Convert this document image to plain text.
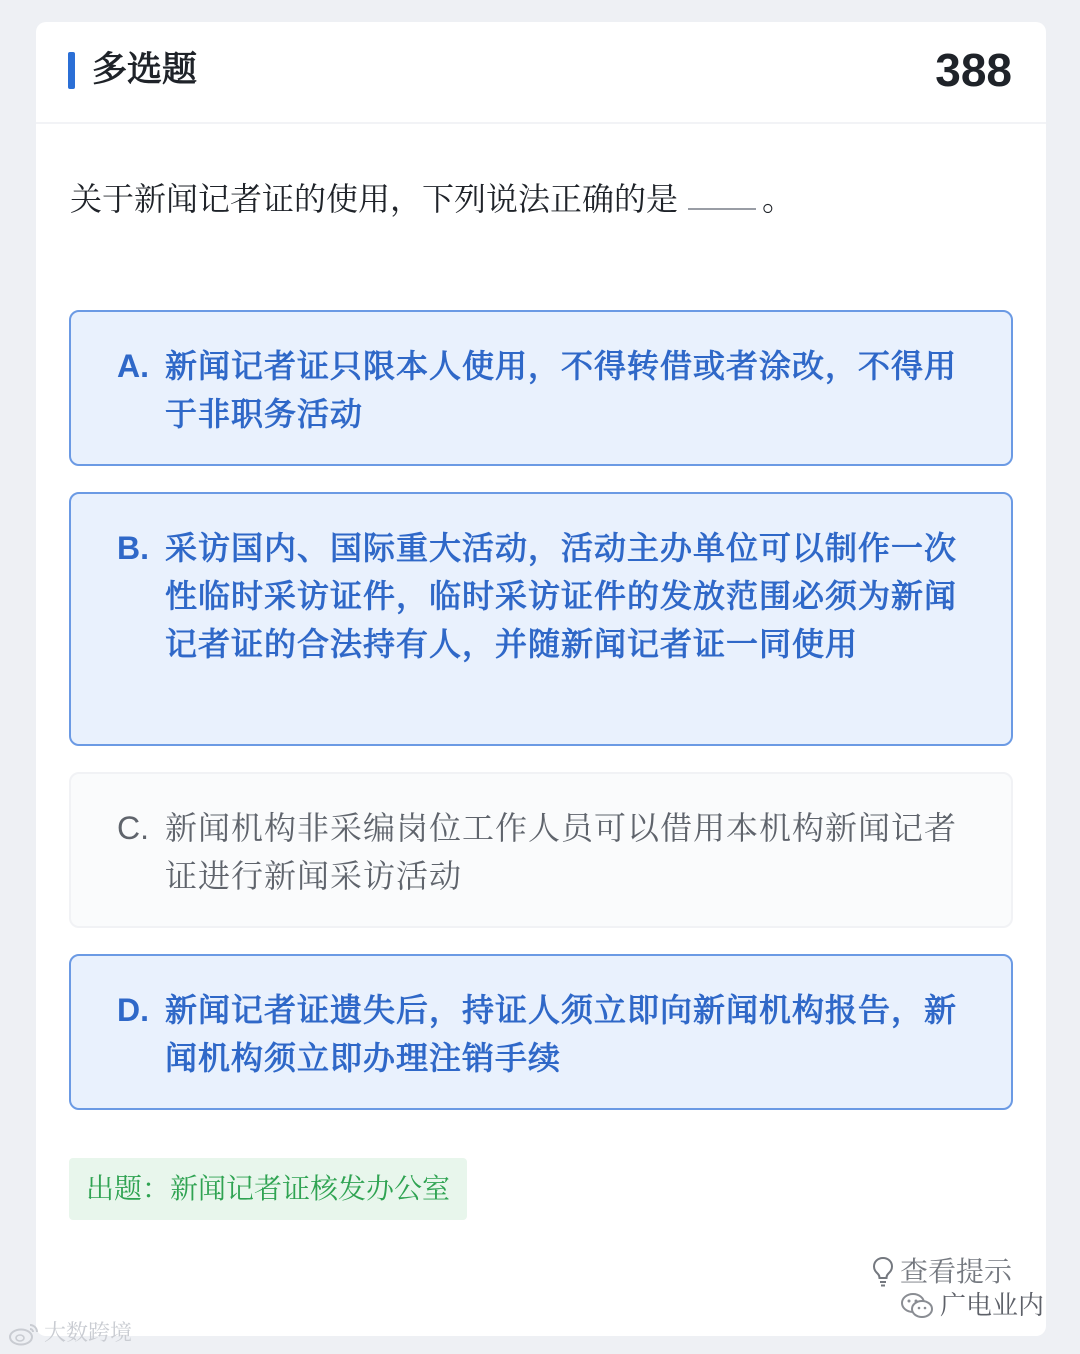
多选题	388
关于新闻记者证的使用，下列说法正确的是	。
A. 新闻记者证只限本人使用，不得转借或者涂改，不得用于非职务活动
B. 采访国内、国际重大活动，活动主办单位可以制作一次性临时采访证件，临时采访证件的发放范围必须为新闻记者证的合法持有人，并随新闻记者证一同使用
C. 新闻机构非采编岗位工作人员可以借用本机构新闻记者证进行新闻采访活动
D. 新闻记者证遗失后，持证人须立即向新闻机构报告，新闻机构须立即办理注销手续
出题：新闻记者证核发办公室
查看提示
广电业内
大数跨境
